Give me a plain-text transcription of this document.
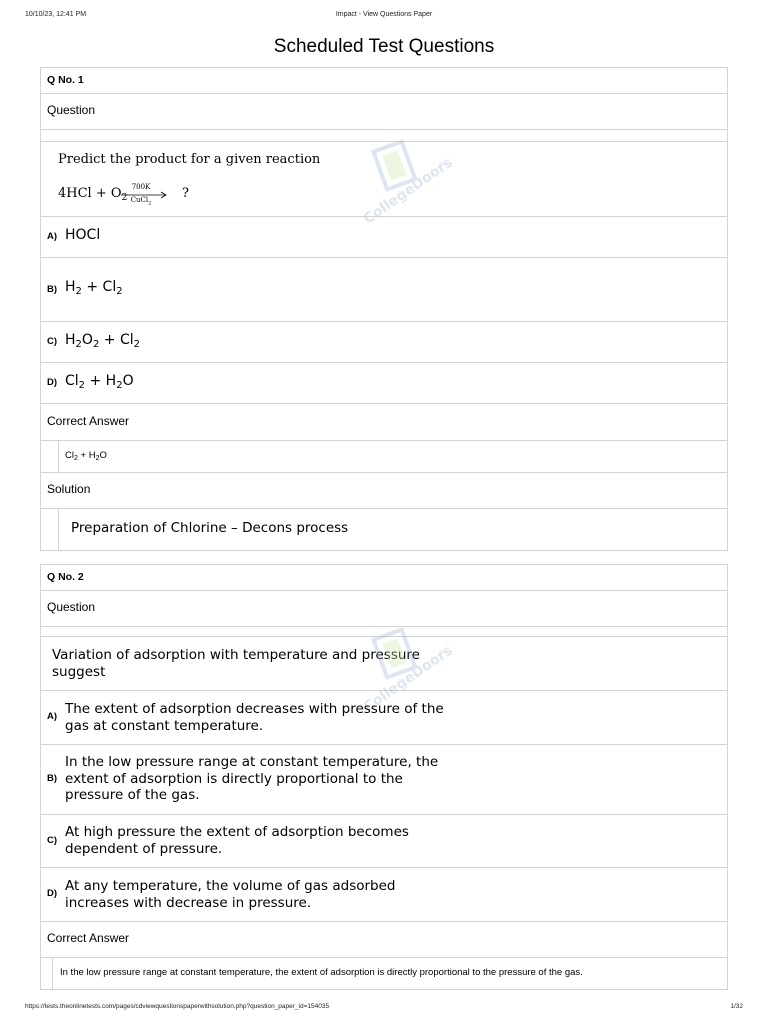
10/10/23, 12:41 PM	Impact - View Questions Paper
Scheduled Test Questions
Q No. 1
Question
Predict the product for a given reaction
$4HCl + O_2$
700K
CuCl$_2$
?	CollegeDoors
A) HOCl
B) $H_2 + Cl_2$
C) $H_2O_2 + Cl_2$
D) $Cl_2 + H_2O$
Correct Answer
$Cl_2 + H_2O$
Solution
Preparation of Chlorine – Decons process
Q No. 2
Question
Variation of adsorption with temperature and pressure
suggest	CollegeDoors
A) The extent of adsorption decreases with pressure of the
gas at constant temperature.
B)
In the low pressure range at constant temperature, the
extent of adsorption is directly proportional to the
pressure of the gas.
C)
At high pressure the extent of adsorption becomes
dependent of pressure.
D) At any temperature, the volume of gas adsorbed
increases with decrease in pressure.
Correct Answer
In the low pressure range at constant temperature, the extent of adsorption is directly proportional to the pressure of the gas.
https://tests.theonlinetests.com/pages/cdviewquestionspaperwithsolution.php?question_paper_id=154035	1/32
